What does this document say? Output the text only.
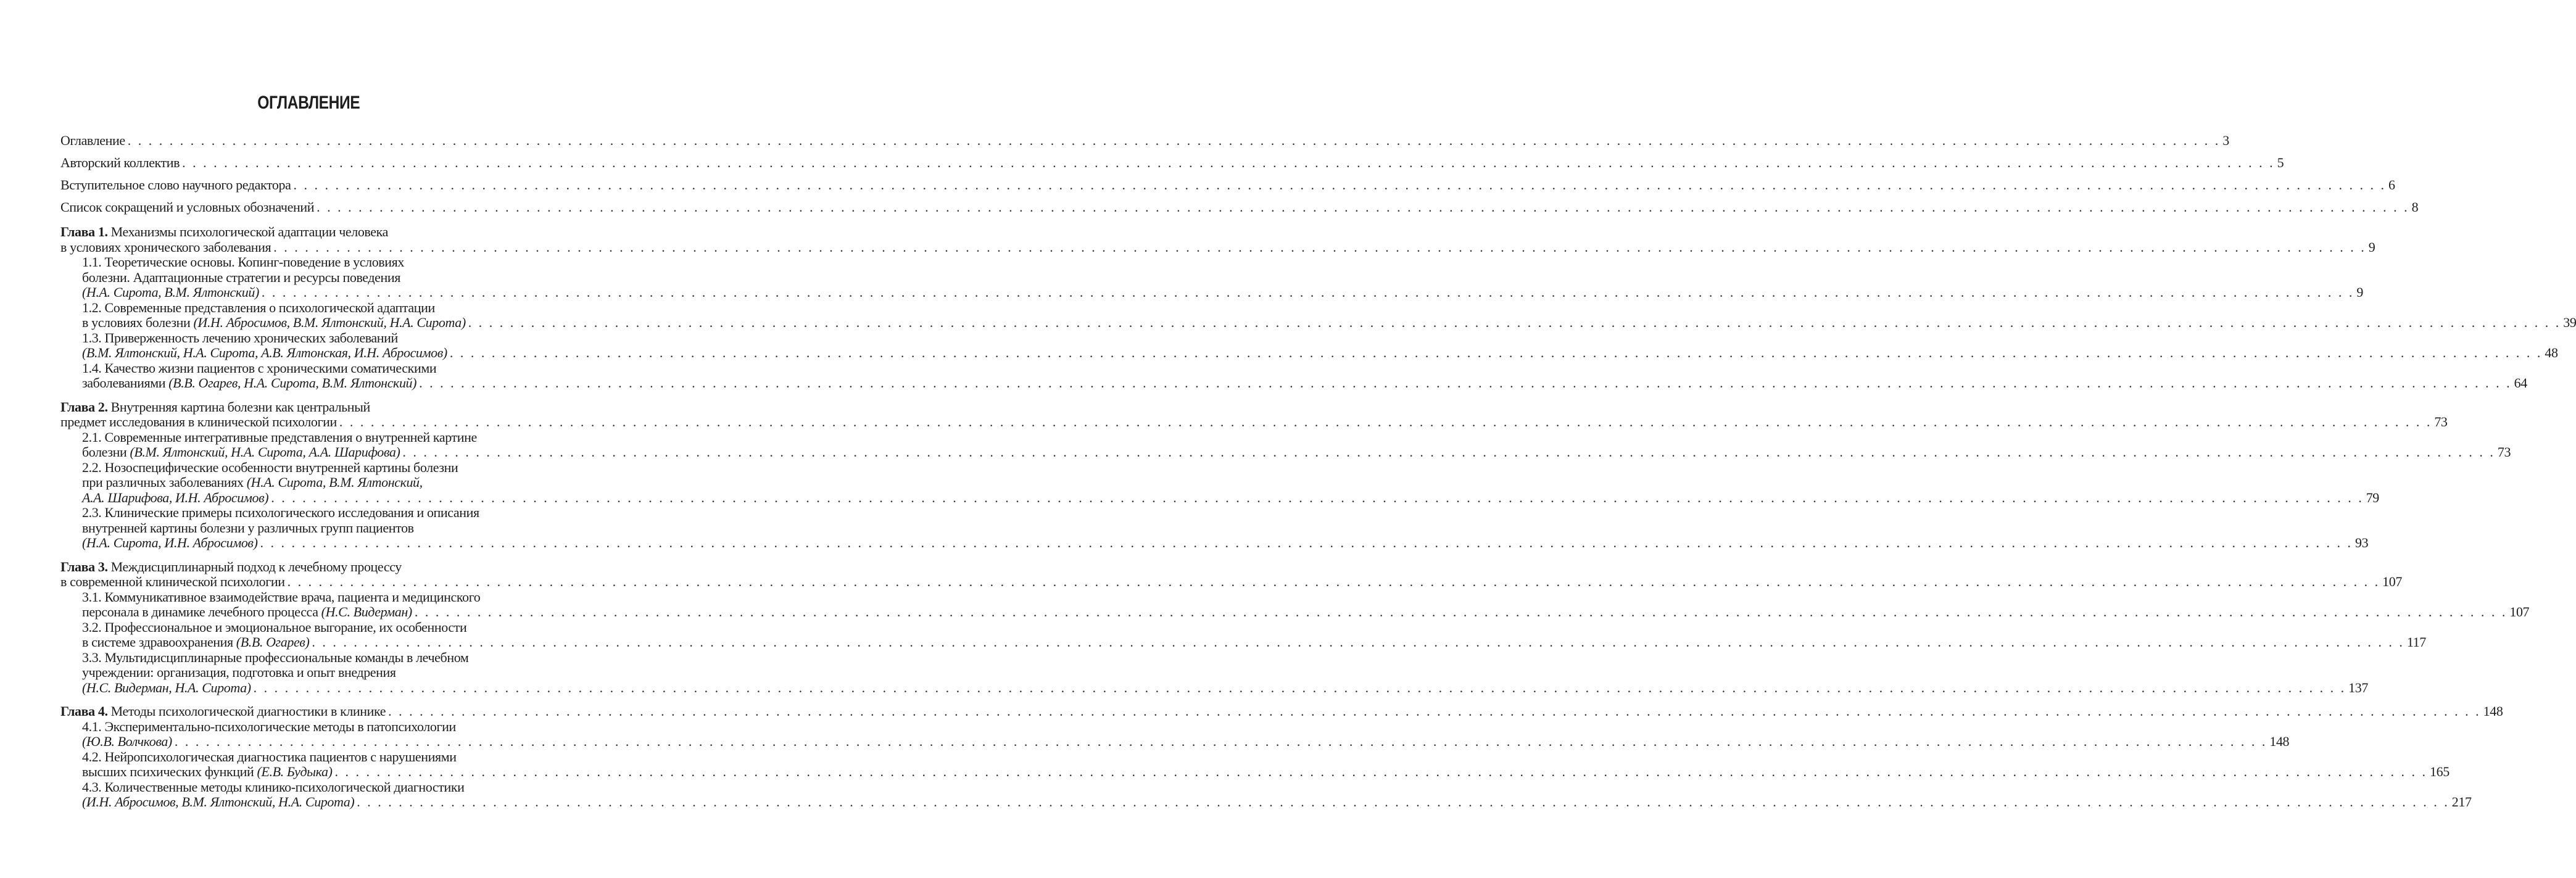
ОГЛАВЛЕНИЕ
Оглавление . . . . . . . . . . . . . . . . . . . . . . . . . . . . . . . . . . . . . . . . . . . . . . . . . . . . . . . . . . . . . . . . . . . . . . . . . . . . . . . . . . . . . . . . . . . . . . . . . . . . . . . . . . . . . . . . . . . . . . . . . . . . . . . . . . . . . . . . . . . . . . . . . . . . . . . . . . . . . . . . . . . . . . . . . . . . . . . . . . . . . . . . . . . . . . . . . . . . . . . . 3
Авторский коллектив . . . . . . . . . . . . . . . . . . . . . . . . . . . . . . . . . . . . . . . . . . . . . . . . . . . . . . . . . . . . . . . . . . . . . . . . . . . . . . . . . . . . . . . . . . . . . . . . . . . . . . . . . . . . . . . . . . . . . . . . . . . . . . . . . . . . . . . . . . . . . . . . . . . . . . . . . . . . . . . . . . . . . . . . . . . . . . . . . . . . . . . . . . . . . . . . . . . . . . . . 5
Вступительное слово научного редактора . . . . . . . . . . . . . . . . . . . . . . . . . . . . . . . . . . . . . . . . . . . . . . . . . . . . . . . . . . . . . . . . . . . . . . . . . . . . . . . . . . . . . . . . . . . . . . . . . . . . . . . . . . . . . . . . . . . . . . . . . . . . . . . . . . . . . . . . . . . . . . . . . . . . . . . . . . . . . . . . . . . . . . . . . . . . . . . . . . . . . . . . . . . . . . . . . . . . . . . . 6
Список сокращений и условных обозначений . . . . . . . . . . . . . . . . . . . . . . . . . . . . . . . . . . . . . . . . . . . . . . . . . . . . . . . . . . . . . . . . . . . . . . . . . . . . . . . . . . . . . . . . . . . . . . . . . . . . . . . . . . . . . . . . . . . . . . . . . . . . . . . . . . . . . . . . . . . . . . . . . . . . . . . . . . . . . . . . . . . . . . . . . . . . . . . . . . . . . . . . . . . . . . . . . . . . . . . . 8
Глава 1. Механизмы психологической адаптации человека
в условиях хронического заболевания . . . . . . . . . . . . . . . . . . . . . . . . . . . . . . . . . . . . . . . . . . . . . . . . . . . . . . . . . . . . . . . . . . . . . . . . . . . . . . . . . . . . . . . . . . . . . . . . . . . . . . . . . . . . . . . . . . . . . . . . . . . . . . . . . . . . . . . . . . . . . . . . . . . . . . . . . . . . . . . . . . . . . . . . . . . . . . . . . . . . . . . . . . . . . . . . . . . . . . . . 9
1.1. Теоретические основы. Копинг-поведение в условиях
болезни. Адаптационные стратегии и ресурсы поведения
(Н.А. Сирота, В.М. Ялтонский) . . . . . . . . . . . . . . . . . . . . . . . . . . . . . . . . . . . . . . . . . . . . . . . . . . . . . . . . . . . . . . . . . . . . . . . . . . . . . . . . . . . . . . . . . . . . . . . . . . . . . . . . . . . . . . . . . . . . . . . . . . . . . . . . . . . . . . . . . . . . . . . . . . . . . . . . . . . . . . . . . . . . . . . . . . . . . . . . . . . . . . . . . . . . . . . . . . . . . . . . 9
1.2. Современные представления о психологической адаптации
в условиях болезни (И.Н. Абросимов, В.М. Ялтонский, Н.А. Сирота) . . . . . . . . . . . . . . . . . . . . . . . . . . . . . . . . . . . . . . . . . . . . . . . . . . . . . . . . . . . . . . . . . . . . . . . . . . . . . . . . . . . . . . . . . . . . . . . . . . . . . . . . . . . . . . . . . . . . . . . . . . . . . . . . . . . . . . . . . . . . . . . . . . . . . . . . . . . . . . . . . . . . . . . . . . . . . . . . . . . . . . . . . . . . . . . . . . . . . . . . 39
1.3. Приверженность лечению хронических заболеваний
(В.М. Ялтонский, Н.А. Сирота, А.В. Ялтонская, И.Н. Абросимов) . . . . . . . . . . . . . . . . . . . . . . . . . . . . . . . . . . . . . . . . . . . . . . . . . . . . . . . . . . . . . . . . . . . . . . . . . . . . . . . . . . . . . . . . . . . . . . . . . . . . . . . . . . . . . . . . . . . . . . . . . . . . . . . . . . . . . . . . . . . . . . . . . . . . . . . . . . . . . . . . . . . . . . . . . . . . . . . . . . . . . . . . . . . . . . . . . . . . . . . . 48
1.4. Качество жизни пациентов с хроническими соматическими
заболеваниями (В.В. Огарев, Н.А. Сирота, В.М. Ялтонский) . . . . . . . . . . . . . . . . . . . . . . . . . . . . . . . . . . . . . . . . . . . . . . . . . . . . . . . . . . . . . . . . . . . . . . . . . . . . . . . . . . . . . . . . . . . . . . . . . . . . . . . . . . . . . . . . . . . . . . . . . . . . . . . . . . . . . . . . . . . . . . . . . . . . . . . . . . . . . . . . . . . . . . . . . . . . . . . . . . . . . . . . . . . . . . . . . . . . . . . . 64
Глава 2. Внутренняя картина болезни как центральный
предмет исследования в клинической психологии . . . . . . . . . . . . . . . . . . . . . . . . . . . . . . . . . . . . . . . . . . . . . . . . . . . . . . . . . . . . . . . . . . . . . . . . . . . . . . . . . . . . . . . . . . . . . . . . . . . . . . . . . . . . . . . . . . . . . . . . . . . . . . . . . . . . . . . . . . . . . . . . . . . . . . . . . . . . . . . . . . . . . . . . . . . . . . . . . . . . . . . . . . . . . . . . . . . . . . . . 73
2.1. Современные интегративные представления о внутренней картине
болезни (В.М. Ялтонский, Н.А. Сирота, А.А. Шарифова) . . . . . . . . . . . . . . . . . . . . . . . . . . . . . . . . . . . . . . . . . . . . . . . . . . . . . . . . . . . . . . . . . . . . . . . . . . . . . . . . . . . . . . . . . . . . . . . . . . . . . . . . . . . . . . . . . . . . . . . . . . . . . . . . . . . . . . . . . . . . . . . . . . . . . . . . . . . . . . . . . . . . . . . . . . . . . . . . . . . . . . . . . . . . . . . . . . . . . . . . 73
2.2. Нозоспецифические особенности внутренней картины болезни
при различных заболеваниях (Н.А. Сирота, В.М. Ялтонский,
А.А. Шарифова, И.Н. Абросимов) . . . . . . . . . . . . . . . . . . . . . . . . . . . . . . . . . . . . . . . . . . . . . . . . . . . . . . . . . . . . . . . . . . . . . . . . . . . . . . . . . . . . . . . . . . . . . . . . . . . . . . . . . . . . . . . . . . . . . . . . . . . . . . . . . . . . . . . . . . . . . . . . . . . . . . . . . . . . . . . . . . . . . . . . . . . . . . . . . . . . . . . . . . . . . . . . . . . . . . . . 79
2.3. Клинические примеры психологического исследования и описания
внутренней картины болезни у различных групп пациентов
(Н.А. Сирота, И.Н. Абросимов) . . . . . . . . . . . . . . . . . . . . . . . . . . . . . . . . . . . . . . . . . . . . . . . . . . . . . . . . . . . . . . . . . . . . . . . . . . . . . . . . . . . . . . . . . . . . . . . . . . . . . . . . . . . . . . . . . . . . . . . . . . . . . . . . . . . . . . . . . . . . . . . . . . . . . . . . . . . . . . . . . . . . . . . . . . . . . . . . . . . . . . . . . . . . . . . . . . . . . . . . 93
Глава 3. Междисциплинарный подход к лечебному процессу
в современной клинической психологии . . . . . . . . . . . . . . . . . . . . . . . . . . . . . . . . . . . . . . . . . . . . . . . . . . . . . . . . . . . . . . . . . . . . . . . . . . . . . . . . . . . . . . . . . . . . . . . . . . . . . . . . . . . . . . . . . . . . . . . . . . . . . . . . . . . . . . . . . . . . . . . . . . . . . . . . . . . . . . . . . . . . . . . . . . . . . . . . . . . . . . . . . . . . . . . . . . . . . . . . 107
3.1. Коммуникативное взаимодействие врача, пациента и медицинского
персонала в динамике лечебного процесса (Н.С. Видерман) . . . . . . . . . . . . . . . . . . . . . . . . . . . . . . . . . . . . . . . . . . . . . . . . . . . . . . . . . . . . . . . . . . . . . . . . . . . . . . . . . . . . . . . . . . . . . . . . . . . . . . . . . . . . . . . . . . . . . . . . . . . . . . . . . . . . . . . . . . . . . . . . . . . . . . . . . . . . . . . . . . . . . . . . . . . . . . . . . . . . . . . . . . . . . . . . . . . . . . . . 107
3.2. Профессиональное и эмоциональное выгорание, их особенности
в системе здравоохранения (В.В. Огарев) . . . . . . . . . . . . . . . . . . . . . . . . . . . . . . . . . . . . . . . . . . . . . . . . . . . . . . . . . . . . . . . . . . . . . . . . . . . . . . . . . . . . . . . . . . . . . . . . . . . . . . . . . . . . . . . . . . . . . . . . . . . . . . . . . . . . . . . . . . . . . . . . . . . . . . . . . . . . . . . . . . . . . . . . . . . . . . . . . . . . . . . . . . . . . . . . . . . . . . . . 117
3.3. Мультидисциплинарные профессиональные команды в лечебном
учреждении: организация, подготовка и опыт внедрения
(Н.С. Видерман, Н.А. Сирота) . . . . . . . . . . . . . . . . . . . . . . . . . . . . . . . . . . . . . . . . . . . . . . . . . . . . . . . . . . . . . . . . . . . . . . . . . . . . . . . . . . . . . . . . . . . . . . . . . . . . . . . . . . . . . . . . . . . . . . . . . . . . . . . . . . . . . . . . . . . . . . . . . . . . . . . . . . . . . . . . . . . . . . . . . . . . . . . . . . . . . . . . . . . . . . . . . . . . . . . . 137
Глава 4. Методы психологической диагностики в клинике . . . . . . . . . . . . . . . . . . . . . . . . . . . . . . . . . . . . . . . . . . . . . . . . . . . . . . . . . . . . . . . . . . . . . . . . . . . . . . . . . . . . . . . . . . . . . . . . . . . . . . . . . . . . . . . . . . . . . . . . . . . . . . . . . . . . . . . . . . . . . . . . . . . . . . . . . . . . . . . . . . . . . . . . . . . . . . . . . . . . . . . . . . . . . . . . . . . . . . . . 148
4.1. Экспериментально-психологические методы в патопсихологии
(Ю.В. Волчкова) . . . . . . . . . . . . . . . . . . . . . . . . . . . . . . . . . . . . . . . . . . . . . . . . . . . . . . . . . . . . . . . . . . . . . . . . . . . . . . . . . . . . . . . . . . . . . . . . . . . . . . . . . . . . . . . . . . . . . . . . . . . . . . . . . . . . . . . . . . . . . . . . . . . . . . . . . . . . . . . . . . . . . . . . . . . . . . . . . . . . . . . . . . . . . . . . . . . . . . . . 148
4.2. Нейропсихологическая диагностика пациентов с нарушениями
высших психических функций (Е.В. Будыка) . . . . . . . . . . . . . . . . . . . . . . . . . . . . . . . . . . . . . . . . . . . . . . . . . . . . . . . . . . . . . . . . . . . . . . . . . . . . . . . . . . . . . . . . . . . . . . . . . . . . . . . . . . . . . . . . . . . . . . . . . . . . . . . . . . . . . . . . . . . . . . . . . . . . . . . . . . . . . . . . . . . . . . . . . . . . . . . . . . . . . . . . . . . . . . . . . . . . . . . . 165
4.3. Количественные методы клинико-психологической диагностики
(И.Н. Абросимов, В.М. Ялтонский, Н.А. Сирота) . . . . . . . . . . . . . . . . . . . . . . . . . . . . . . . . . . . . . . . . . . . . . . . . . . . . . . . . . . . . . . . . . . . . . . . . . . . . . . . . . . . . . . . . . . . . . . . . . . . . . . . . . . . . . . . . . . . . . . . . . . . . . . . . . . . . . . . . . . . . . . . . . . . . . . . . . . . . . . . . . . . . . . . . . . . . . . . . . . . . . . . . . . . . . . . . . . . . . . . . 217
